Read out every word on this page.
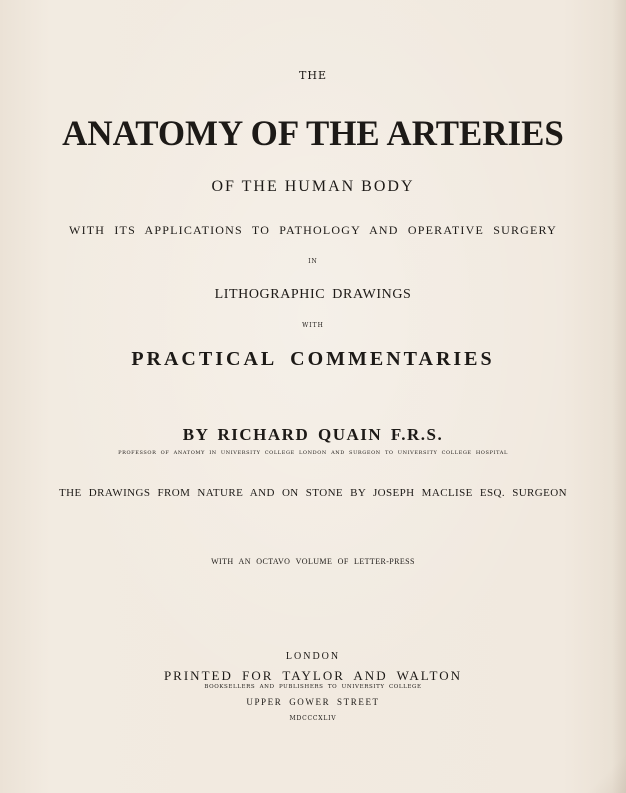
THE

ANATOMY OF THE ARTERIES

OF THE HUMAN BODY

WITH ITS APPLICATIONS TO PATHOLOGY AND OPERATIVE SURGERY

IN

LITHOGRAPHIC DRAWINGS

WITH

PRACTICAL COMMENTARIES

BY RICHARD QUAIN F.R.S.

PROFESSOR OF ANATOMY IN UNIVERSITY COLLEGE LONDON AND SURGEON TO UNIVERSITY COLLEGE HOSPITAL

THE DRAWINGS FROM NATURE AND ON STONE BY JOSEPH MACLISE ESQ. SURGEON

WITH AN OCTAVO VOLUME OF LETTER-PRESS

LONDON

PRINTED FOR TAYLOR AND WALTON

BOOKSELLERS AND PUBLISHERS TO UNIVERSITY COLLEGE

UPPER GOWER STREET

MDCCCXLIV
